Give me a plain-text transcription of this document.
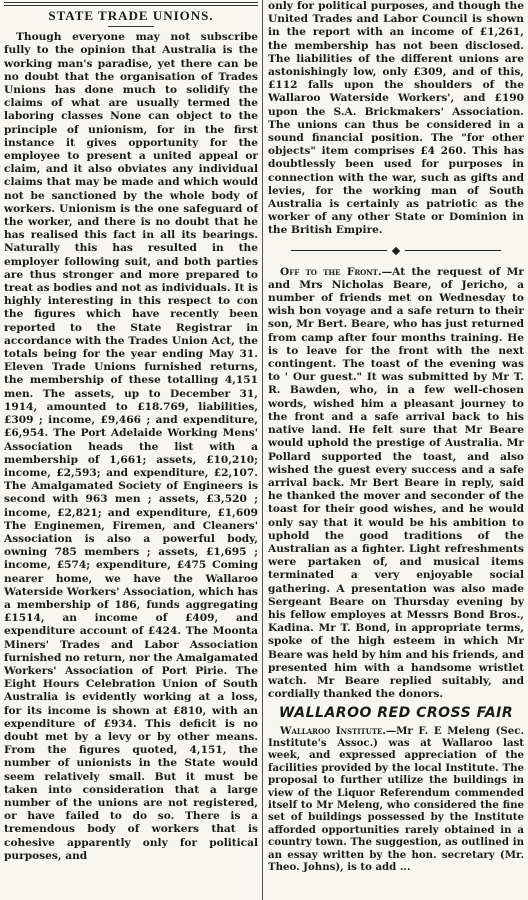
STATE TRADE UNIONS.

Though everyone may not subscribe fully to the opinion that Australia is the working man's paradise, yet there can be no doubt that the organisation of Trades Unions has done much to solidify the claims of what are usually termed the laboring classes None can object to the principle of unionism, for in the first instance it gives opportunity for the employee to present a united appeal or claim, and it also obviates any individual claims that may be made and which would not be sanctioned by the whole body of workers. Unionism is the one safeguard of the worker, and there is no doubt that he has realised this fact in all its bearings. Naturally this has resulted in the employer following suit, and both parties are thus stronger and more prepared to treat as bodies and not as individuals. It is highly interesting in this respect to con the figures which have recently been reported to the State Registrar in accordance with the Trades Union Act, the totals being for the year ending May 31. Eleven Trade Unions furnished returns, the membership of these totalling 4,151 men. The assets, up to December 31, 1914, amounted to £18.769, liabilities, £309 ; income, £9,466 ; and expenditure, £6,954. The Port Adelaide Working Mens' Association heads the list with a membership of 1,661; assets, £10,210; income, £2,593; and expenditure, £2,107. The Amalgamated Society of Engineers is second with 963 men ; assets, £3,520 ; income, £2,821; and expenditure, £1,609 The Enginemen, Firemen, and Cleaners' Association is also a powerful body, owning 785 members ; assets, £1,695 ; income, £574; expenditure, £475 Coming nearer home, we have the Wallaroo Waterside Workers' Association, which has a membership of 186, funds aggregating £1514, an income of £409, and expenditure account of £424. The Moonta Miners' Trades and Labor Association furnished no return, nor the Amalgamated Workers' Association of Port Pirie. The Eight Hours Celebration Union of South Australia is evidently working at a loss, for its income is shown at £810, with an expenditure of £934. This deficit is no doubt met by a levy or by other means. From the figures quoted, 4,151, the number of unionists in the State would seem relatively small. But it must be taken into consideration that a large number of the unions are not registered, or have failed to do so. There is a tremendous body of workers that is cohesive apparently only for political purposes, and

only for political purposes, and though the United Trades and Labor Council is shown in the report with an income of £1,261, the membership has not been disclosed. The liabilities of the different unions are astonishingly low, only £309, and of this, £112 falls upon the shoulders of the Wallaroo Waterside Workers', and £190 upon the S.A. Brickmakers' Association. The unions can thus be considered in a sound financial position. The "for other objects" item comprises £4 260. This has doubtlessly been used for purposes in connection with the war, such as gifts and levies, for the working man of South Australia is certainly as patriotic as the worker of any other State or Dominion in the British Empire.

Off to the Front.—At the request of Mr and Mrs Nicholas Beare, of Jericho, a number of friends met on Wednesday to wish bon voyage and a safe return to their son, Mr Bert. Beare, who has just returned from camp after four months training. He is to leave for the front with the next contingent. The toast of the evening was to ' Our guest." It was submitted by Mr T. R. Bawden, who, in a few well-chosen words, wished him a pleasant journey to the front and a safe arrival back to his native land. He felt sure that Mr Beare would uphold the prestige of Australia. Mr Pollard supported the toast, and also wished the guest every success and a safe arrival back. Mr Bert Beare in reply, said he thanked the mover and seconder of the toast for their good wishes, and he would only say that it would be his ambition to uphold the good traditions of the Australian as a fighter. Light refreshments were partaken of, and musical items terminated a very enjoyable social gathering. A presentation was also made Sergeant Beare on Thursday evening by his fellow employes at Messrs Bond Bros., Kadina. Mr T. Bond, in appropriate terms, spoke of the high esteem in which Mr Beare was held by him and his friends, and presented him with a handsome wristlet watch. Mr Beare replied suitably, and cordially thanked the donors.

WALLAROO RED CROSS FAIR

Wallaroo Institute.—Mr F. E Meleng (Sec. Institute's Assoc.) was at Wallaroo last week, and expressed appreciation of the facilities provided by the local Institute. The proposal to further utilize the buildings in view of the Liquor Referendum commended itself to Mr Meleng, who considered the fine set of buildings possessed by the Institute afforded opportunities rarely obtained in a country town. The suggestion, as outlined in an essay written by the hon. secretary (Mr. Theo. Johns), is to add ...
